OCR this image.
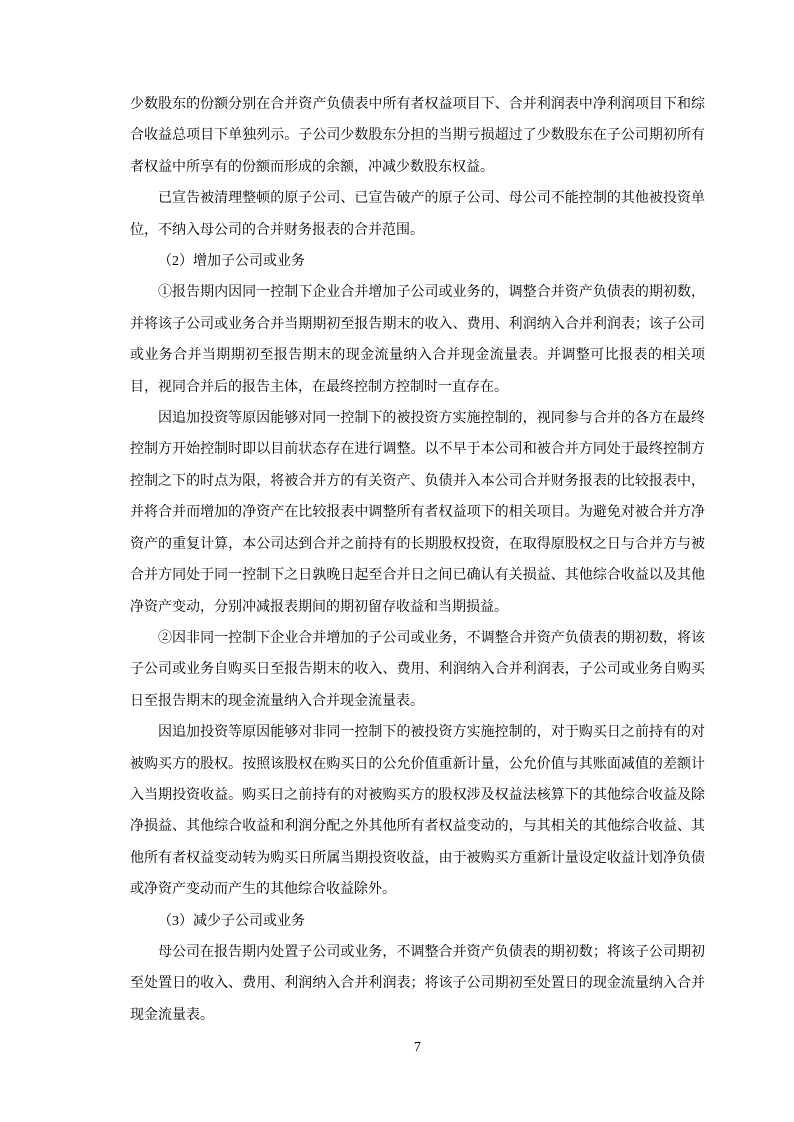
少数股东的份额分别在合并资产负债表中所有者权益项目下、合并利润表中净利润项目下和综合收益总项目下单独列示。子公司少数股东分担的当期亏损超过了少数股东在子公司期初所有者权益中所享有的份额而形成的余额，冲减少数股东权益。

已宣告被清理整顿的原子公司、已宣告破产的原子公司、母公司不能控制的其他被投资单位，不纳入母公司的合并财务报表的合并范围。

（2）增加子公司或业务

①报告期内因同一控制下企业合并增加子公司或业务的，调整合并资产负债表的期初数，并将该子公司或业务合并当期期初至报告期末的收入、费用、利润纳入合并利润表；该子公司或业务合并当期期初至报告期末的现金流量纳入合并现金流量表。并调整可比报表的相关项目，视同合并后的报告主体，在最终控制方控制时一直存在。

因追加投资等原因能够对同一控制下的被投资方实施控制的，视同参与合并的各方在最终控制方开始控制时即以目前状态存在进行调整。以不早于本公司和被合并方同处于最终控制方控制之下的时点为限，将被合并方的有关资产、负债并入本公司合并财务报表的比较报表中，并将合并而增加的净资产在比较报表中调整所有者权益项下的相关项目。为避免对被合并方净资产的重复计算，本公司达到合并之前持有的长期股权投资，在取得原股权之日与合并方与被合并方同处于同一控制下之日孰晚日起至合并日之间已确认有关损益、其他综合收益以及其他净资产变动，分别冲减报表期间的期初留存收益和当期损益。

②因非同一控制下企业合并增加的子公司或业务，不调整合并资产负债表的期初数，将该子公司或业务自购买日至报告期末的收入、费用、利润纳入合并利润表，子公司或业务自购买日至报告期末的现金流量纳入合并现金流量表。

因追加投资等原因能够对非同一控制下的被投资方实施控制的，对于购买日之前持有的对被购买方的股权。按照该股权在购买日的公允价值重新计量，公允价值与其账面减值的差额计入当期投资收益。购买日之前持有的对被购买方的股权涉及权益法核算下的其他综合收益及除净损益、其他综合收益和利润分配之外其他所有者权益变动的，与其相关的其他综合收益、其他所有者权益变动转为购买日所属当期投资收益，由于被购买方重新计量设定收益计划净负债或净资产变动而产生的其他综合收益除外。

（3）减少子公司或业务

母公司在报告期内处置子公司或业务，不调整合并资产负债表的期初数；将该子公司期初至处置日的收入、费用、利润纳入合并利润表；将该子公司期初至处置日的现金流量纳入合并现金流量表。

7
